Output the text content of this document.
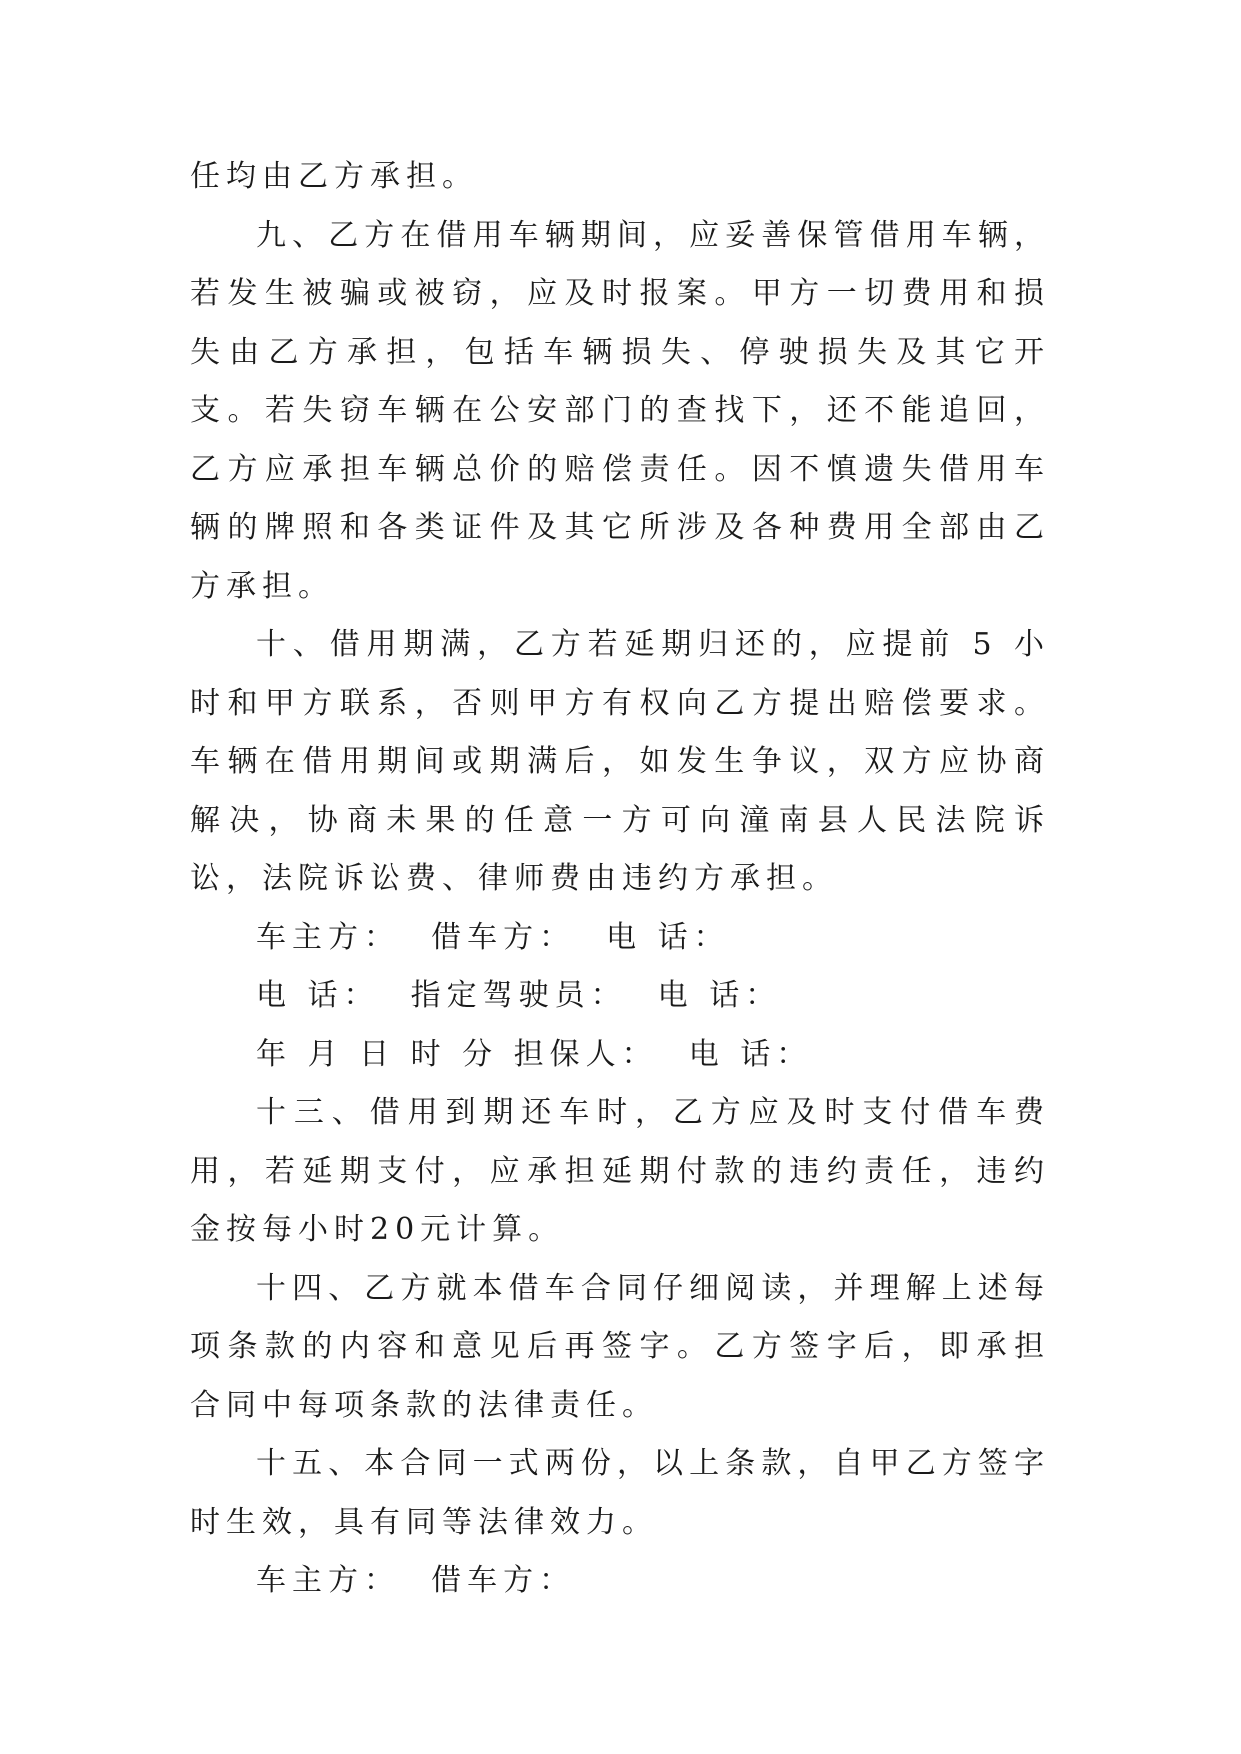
任均由乙方承担。

九、乙方在借用车辆期间，应妥善保管借用车辆，若发生被骗或被窃，应及时报案。甲方一切费用和损失由乙方承担，包括车辆损失、停驶损失及其它开支。若失窃车辆在公安部门的查找下，还不能追回，乙方应承担车辆总价的赔偿责任。因不慎遗失借用车辆的牌照和各类证件及其它所涉及各种费用全部由乙方承担。

十、借用期满，乙方若延期归还的，应提前 5 小时和甲方联系，否则甲方有权向乙方提出赔偿要求。车辆在借用期间或期满后，如发生争议，双方应协商解决，协商未果的任意一方可向潼南县人民法院诉讼，法院诉讼费、律师费由违约方承担。

车主方：  借车方：  电 话：

电 话：  指定驾驶员：  电 话：

年 月 日 时 分 担保人：  电 话：

十三、借用到期还车时，乙方应及时支付借车费用，若延期支付，应承担延期付款的违约责任，违约金按每小时20元计算。

十四、乙方就本借车合同仔细阅读，并理解上述每项条款的内容和意见后再签字。乙方签字后，即承担合同中每项条款的法律责任。

十五、本合同一式两份，以上条款，自甲乙方签字时生效，具有同等法律效力。

车主方：  借车方：
